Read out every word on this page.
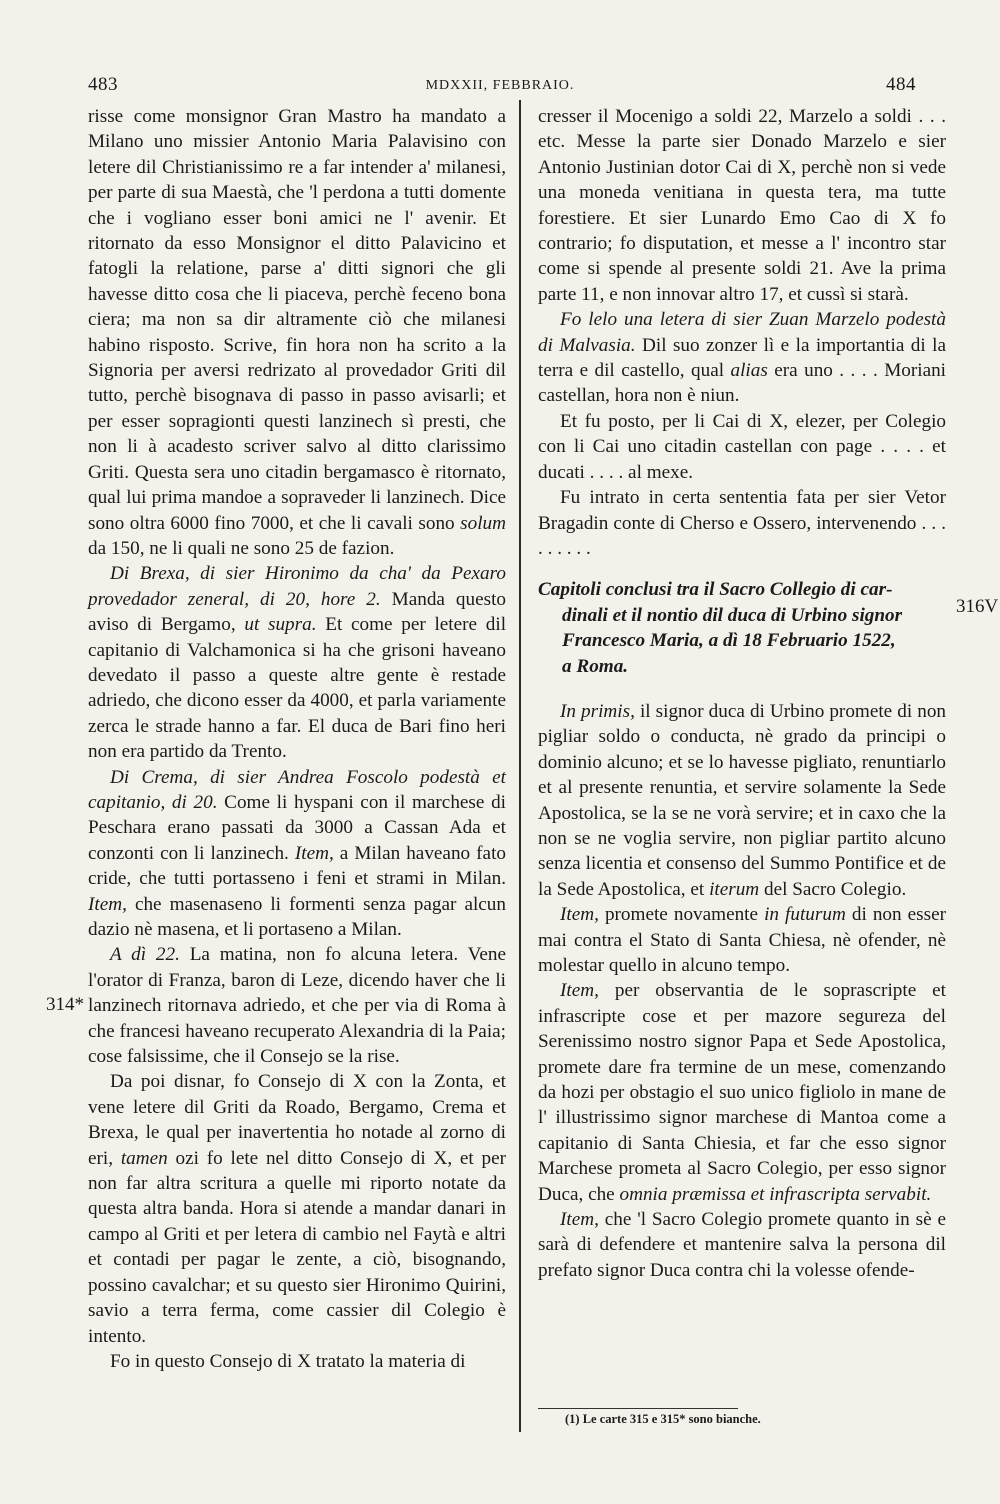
483	MDXXII, FEBBRAIO.	484
314*
316V

risse come monsignor Gran Mastro ha mandato a Milano uno missier Antonio Maria Palavisino con letere dil Christianissimo re a far intender a' milanesi, per parte di sua Maestà, che 'l perdona a tutti domente che i vogliano esser boni amici ne l' avenir. Et ritornato da esso Monsignor el ditto Palavicino et fatogli la relatione, parse a' ditti signori che gli havesse ditto cosa che li piaceva, perchè feceno bona ciera; ma non sa dir altramente ciò che milanesi habino risposto. Scrive, fin hora non ha scrito a la Signoria per aversi redrizato al provedador Griti dil tutto, perchè bisognava di passo in passo avisarli; et per esser sopragionti questi lanzinech sì presti, che non li à acadesto scriver salvo al ditto clarissimo Griti. Questa sera uno citadin bergamasco è ritornato, qual lui prima mandoe a sopraveder li lanzinech. Dice sono oltra 6000 fino 7000, et che li cavali sono solum da 150, ne li quali ne sono 25 de fazion.

Di Brexa, di sier Hironimo da cha' da Pexaro provedador zeneral, di 20, hore 2. Manda questo aviso di Bergamo, ut supra. Et come per letere dil capitanio di Valchamonica si ha che grisoni haveano devedato il passo a queste altre gente è restade adriedo, che dicono esser da 4000, et parla variamente zerca le strade hanno a far. El duca de Bari fino heri non era partido da Trento.

Di Crema, di sier Andrea Foscolo podestà et capitanio, di 20. Come li hyspani con il marchese di Peschara erano passati da 3000 a Cassan Ada et conzonti con li lanzinech. Item, a Milan haveano fato cride, che tutti portasseno i feni et strami in Milan. Item, che masenaseno li formenti senza pagar alcun dazio nè masena, et li portaseno a Milan.

A dì 22. La matina, non fo alcuna letera. Vene l'orator di Franza, baron di Leze, dicendo haver che li lanzinech ritornava adriedo, et che per via di Roma à che francesi haveano recuperato Alexandria di la Paia; cose falsissime, che il Consejo se la rise.

Da poi disnar, fo Consejo di X con la Zonta, et vene letere dil Griti da Roado, Bergamo, Crema et Brexa, le qual per inavertentia ho notade al zorno di eri, tamen ozi fo lete nel ditto Consejo di X, et per non far altra scritura a quelle mi riporto notate da questa altra banda. Hora si atende a mandar danari in campo al Griti et per letera di cambio nel Faytà e altri et contadi per pagar le zente, a ciò, bisognando, possino cavalchar; et su questo sier Hironimo Quirini, savio a terra ferma, come cassier dil Colegio è intento.

Fo in questo Consejo di X tratato la materia di

cresser il Mocenigo a soldi 22, Marzelo a soldi . . . etc. Messe la parte sier Donado Marzelo e sier Antonio Justinian dotor Cai di X, perchè non si vede una moneda venitiana in questa tera, ma tutte forestiere. Et sier Lunardo Emo Cao di X fo contrario; fo disputation, et messe a l' incontro star come si spende al presente soldi 21. Ave la prima parte 11, e non innovar altro 17, et cussì si starà.

Fo lelo una letera di sier Zuan Marzelo podestà di Malvasia. Dil suo zonzer lì e la importantia di la terra e dil castello, qual alias era uno . . . . Moriani castellan, hora non è niun.

Et fu posto, per li Cai di X, elezer, per Colegio con li Cai uno citadin castellan con page . . . . et ducati . . . . al mexe.

Fu intrato in certa sententia fata per sier Vetor Bragadin conte di Cherso e Ossero, intervenendo . . . . . . . . .

Capitoli conclusi tra il Sacro Collegio di car-
dinali et il nontio dil duca di Urbino signor
Francesco Maria, a dì 18 Februario 1522,
a Roma.

In primis, il signor duca di Urbino promete di non pigliar soldo o conducta, nè grado da principi o dominio alcuno; et se lo havesse pigliato, renuntiarlo et al presente renuntia, et servire solamente la Sede Apostolica, se la se ne vorà servire; et in caxo che la non se ne voglia servire, non pigliar partito alcuno senza licentia et consenso del Summo Pontifice et de la Sede Apostolica, et iterum del Sacro Colegio.

Item, promete novamente in futurum di non esser mai contra el Stato di Santa Chiesa, nè ofender, nè molestar quello in alcuno tempo.

Item, per observantia de le soprascripte et infrascripte cose et per mazore segureza del Serenissimo nostro signor Papa et Sede Apostolica, promete dare fra termine de un mese, comenzando da hozi per obstagio el suo unico figliolo in mane de l' illustrissimo signor marchese di Mantoa come a capitanio di Santa Chiesia, et far che esso signor Marchese prometa al Sacro Colegio, per esso signor Duca, che omnia præmissa et infrascripta servabit.

Item, che 'l Sacro Colegio promete quanto in sè e sarà di defendere et mantenire salva la persona dil prefato signor Duca contra chi la volesse ofende-

(1) Le carte 315 e 315* sono bianche.
